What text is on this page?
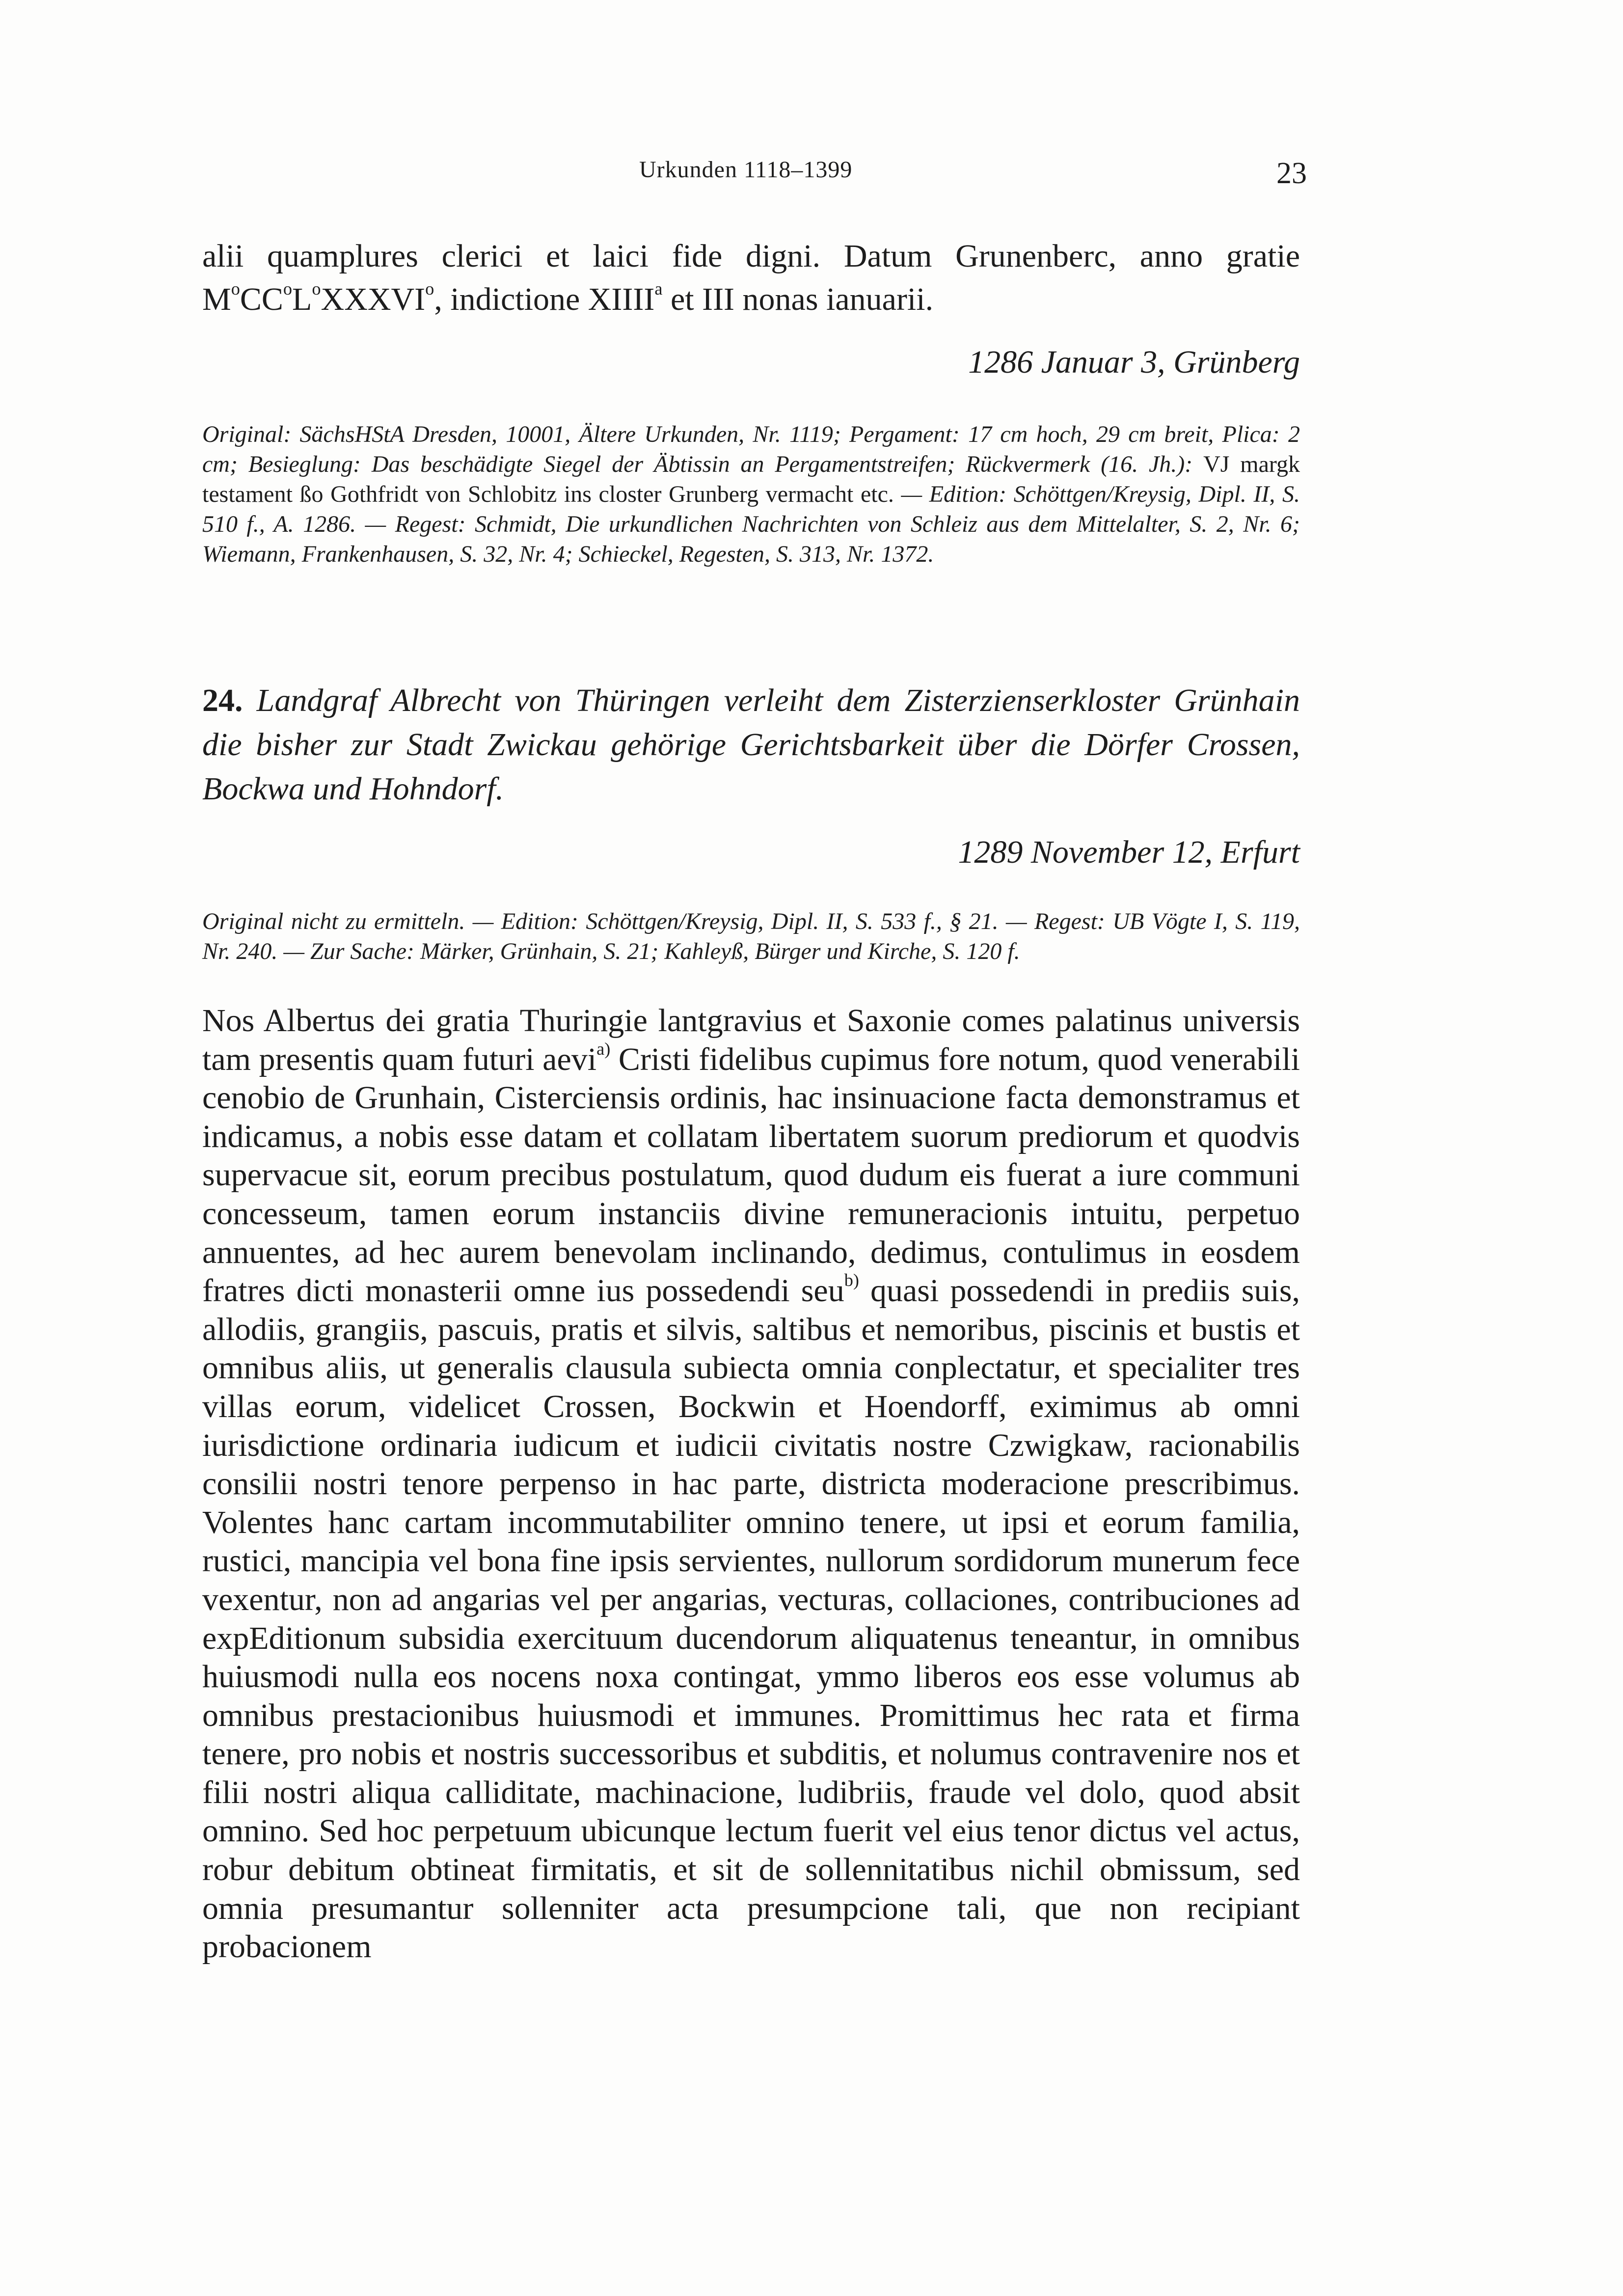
Urkunden 1118–1399	23
alii quamplures clerici et laici fide digni. Datum Grunenberc, anno gratie $M^oCC^oL^oXXXVI^o$, indictione XIIII$^a$ et III nonas ianuarii.
1286 Januar 3, Grünberg
Original: SächsHStA Dresden, 10001, Ältere Urkunden, Nr. 1119; Pergament: 17 cm hoch, 29 cm breit, Plica: 2 cm; Besieglung: Das beschädigte Siegel der Äbtissin an Pergamentstreifen; Rückvermerk (16. Jh.): VJ margk testament ßo Gothfridt von Schlobitz ins closter Grunberg vermacht etc. — Edition: Schöttgen/Kreysig, Dipl. II, S. 510 f., A. 1286. — Regest: Schmidt, Die urkundlichen Nachrichten von Schleiz aus dem Mittelalter, S. 2, Nr. 6; Wiemann, Frankenhausen, S. 32, Nr. 4; Schieckel, Regesten, S. 313, Nr. 1372.
24. Landgraf Albrecht von Thüringen verleiht dem Zisterzienserkloster Grünhain die bisher zur Stadt Zwickau gehörige Gerichtsbarkeit über die Dörfer Crossen, Bockwa und Hohndorf.
1289 November 12, Erfurt
Original nicht zu ermitteln. — Edition: Schöttgen/Kreysig, Dipl. II, S. 533 f., § 21. — Regest: UB Vögte I, S. 119, Nr. 240. — Zur Sache: Märker, Grünhain, S. 21; Kahleyß, Bürger und Kirche, S. 120 f.
Nos Albertus dei gratia Thuringie lantgravius et Saxonie comes palatinus universis tam presentis quam futuri aevi$^{a)}$ Cristi fidelibus cupimus fore notum, quod venerabili cenobio de Grunhain, Cisterciensis ordinis, hac insinuacione facta demonstramus et indicamus, a nobis esse datam et collatam libertatem suorum prediorum et quodvis supervacue sit, eorum precibus postulatum, quod dudum eis fuerat a iure communi concesseum, tamen eorum instanciis divine remuneracionis intuitu, perpetuo annuentes, ad hec aurem benevolam inclinando, dedimus, contulimus in eosdem fratres dicti monasterii omne ius possedendi seu$^{b)}$ quasi possedendi in prediis suis, allodiis, grangiis, pascuis, pratis et silvis, saltibus et nemoribus, piscinis et bustis et omnibus aliis, ut generalis clausula subiecta omnia conplectatur, et specialiter tres villas eorum, videlicet Crossen, Bockwin et Hoendorff, eximimus ab omni iurisdictione ordinaria iudicum et iudicii civitatis nostre Czwigkaw, racionabilis consilii nostri tenore perpenso in hac parte, districta moderacione prescribimus. Volentes hanc cartam incommutabiliter omnino tenere, ut ipsi et eorum familia, rustici, mancipia vel bona fine ipsis servientes, nullorum sordidorum munerum fece vexentur, non ad angarias vel per angarias, vecturas, collaciones, contribuciones ad expEditionum subsidia exercituum ducendorum aliquatenus teneantur, in omnibus huiusmodi nulla eos nocens noxa contingat, ymmo liberos eos esse volumus ab omnibus prestacionibus huiusmodi et immunes. Promittimus hec rata et firma tenere, pro nobis et nostris successoribus et subditis, et nolumus contravenire nos et filii nostri aliqua calliditate, machinacione, ludibriis, fraude vel dolo, quod absit omnino. Sed hoc perpetuum ubicunque lectum fuerit vel eius tenor dictus vel actus, robur debitum obtineat firmitatis, et sit de sollennitatibus nichil obmissum, sed omnia presumantur sollenniter acta presumpcione tali, que non recipiant probacionem
